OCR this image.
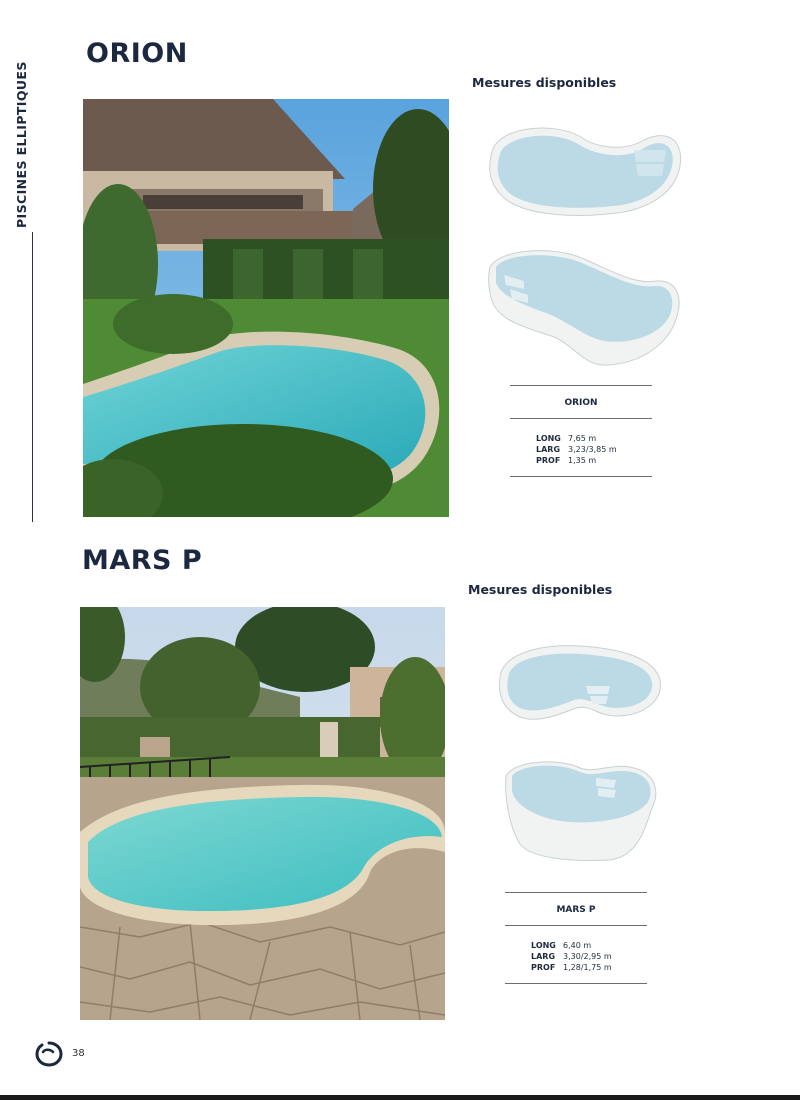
PISCINES ELLIPTIQUES
ORION
Mesures disponibles
ORION
LONG	7,65 m
LARG	3,23/3,85 m
PROF	1,35 m
MARS P
Mesures disponibles
MARS P
LONG	6,40 m
LARG	3,30/2,95 m
PROF	1,28/1,75 m
38
